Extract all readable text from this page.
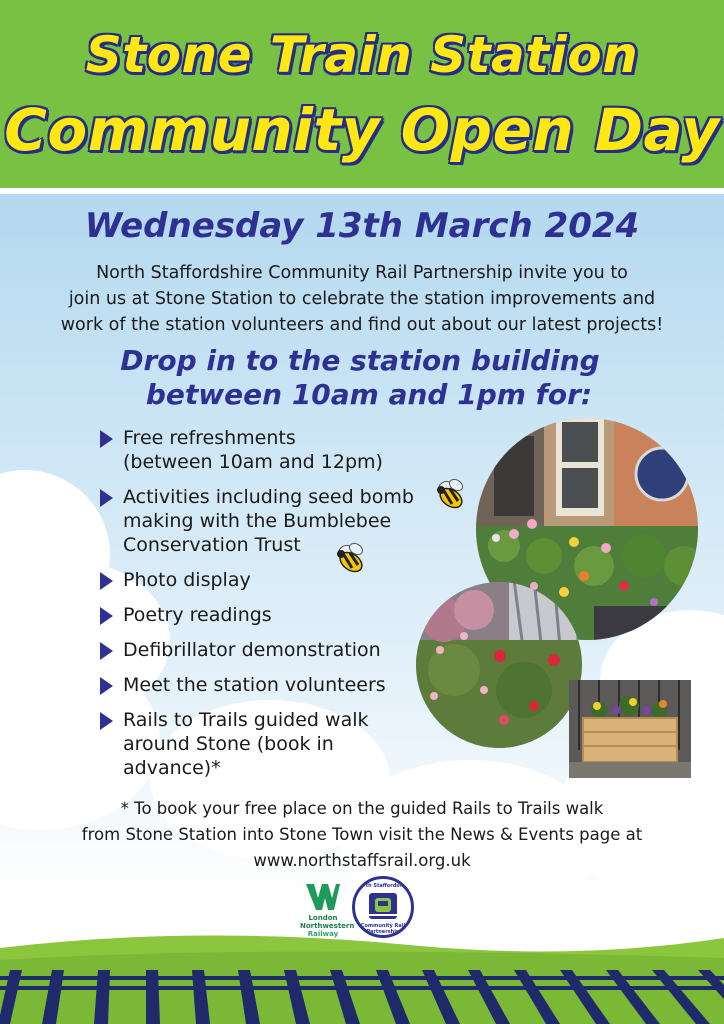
Stone Train Station
Community Open Day
Wednesday 13th March 2024
North Staffordshire Community Rail Partnership invite you to
join us at Stone Station to celebrate the station improvements and
work of the station volunteers and find out about our latest projects!
Drop in to the station building
between 10am and 1pm for:
Free refreshments
(between 10am and 12pm)
Activities including seed bomb
making with the Bumblebee
Conservation Trust
Photo display
Poetry readings
Defibrillator demonstration
Meet the station volunteers
Rails to Trails guided walk
around Stone (book in
advance)*
* To book your free place on the guided Rails to Trails walk
from Stone Station into Stone Town visit the News & Events page at
www.northstaffsrail.org.uk
London
Northwestern
Railway
North Staffordshire
Community Rail Partnership
